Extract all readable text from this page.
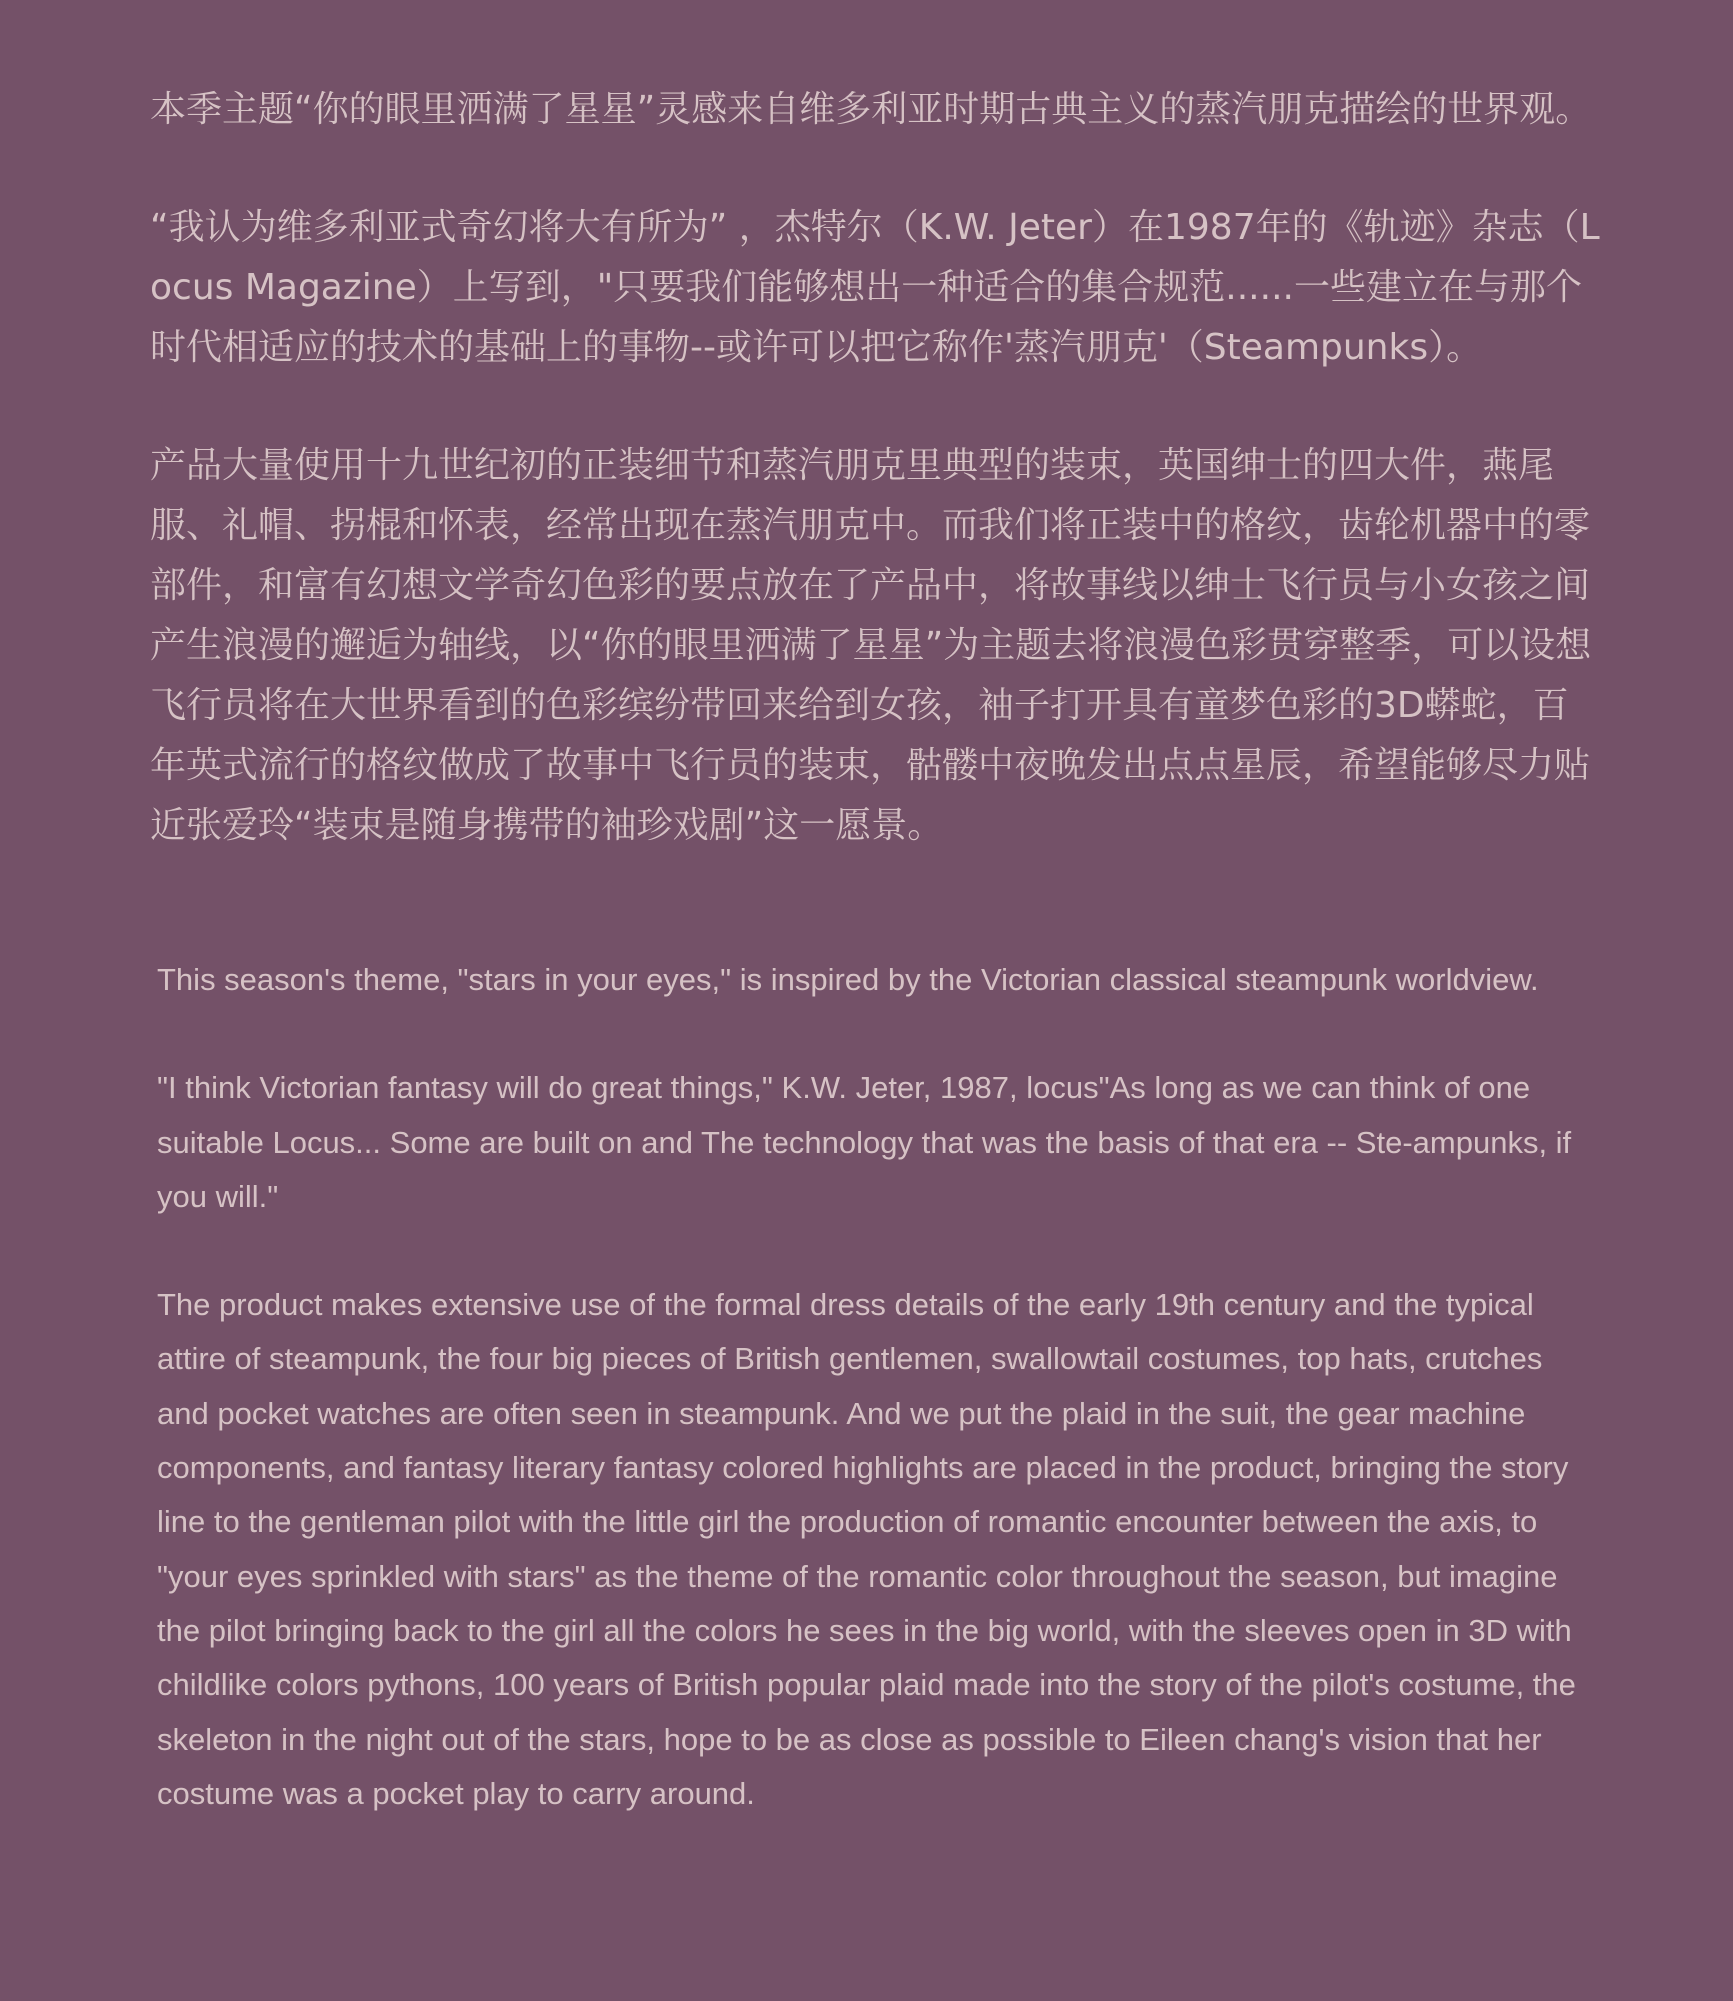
本季主题“你的眼里洒满了星星”灵感来自维多利亚时期古典主义的蒸汽朋克描绘的世界观。

“我认为维多利亚式奇幻将大有所为” ，杰特尔（K.W. Jeter）在1987年的《轨迹》杂志（Locus Magazine）上写到，"只要我们能够想出一种适合的集合规范......一些建立在与那个时代相适应的技术的基础上的事物--或许可以把它称作'蒸汽朋克'（Steampunks）。

产品大量使用十九世纪初的正装细节和蒸汽朋克里典型的装束，英国绅士的四大件，燕尾服、礼帽、拐棍和怀表，经常出现在蒸汽朋克中。而我们将正装中的格纹，齿轮机器中的零部件，和富有幻想文学奇幻色彩的要点放在了产品中，将故事线以绅士飞行员与小女孩之间产生浪漫的邂逅为轴线，以“你的眼里洒满了星星”为主题去将浪漫色彩贯穿整季，可以设想飞行员将在大世界看到的色彩缤纷带回来给到女孩，袖子打开具有童梦色彩的3D蟒蛇，百年英式流行的格纹做成了故事中飞行员的装束，骷髅中夜晚发出点点星辰，希望能够尽力贴近张爱玲“装束是随身携带的袖珍戏剧”这一愿景。

This season's theme, "stars in your eyes," is inspired by the Victorian classical steampunk worldview.

"I think Victorian fantasy will do great things," K.W. Jeter, 1987, locus"As long as we can think of one suitable Locus... Some are built on and The technology that was the basis of that era -- Ste-ampunks, if you will."

The product makes extensive use of the formal dress details of the early 19th century and the typical attire of steampunk, the four big pieces of British gentlemen, swallowtail costumes, top hats, crutches and pocket watches are often seen in steampunk. And we put the plaid in the suit, the gear machine components, and fantasy literary fantasy colored highlights are placed in the product, bringing the story line to the gentleman pilot with the little girl the production of romantic encounter between the axis, to "your eyes sprinkled with stars" as the theme of the romantic color throughout the season, but imagine the pilot bringing back to the girl all the colors he sees in the big world, with the sleeves open in 3D with childlike colors pythons, 100 years of British popular plaid made into the story of the pilot's costume, the skeleton in the night out of the stars, hope to be as close as possible to Eileen chang's vision that her costume was a pocket play to carry around.
